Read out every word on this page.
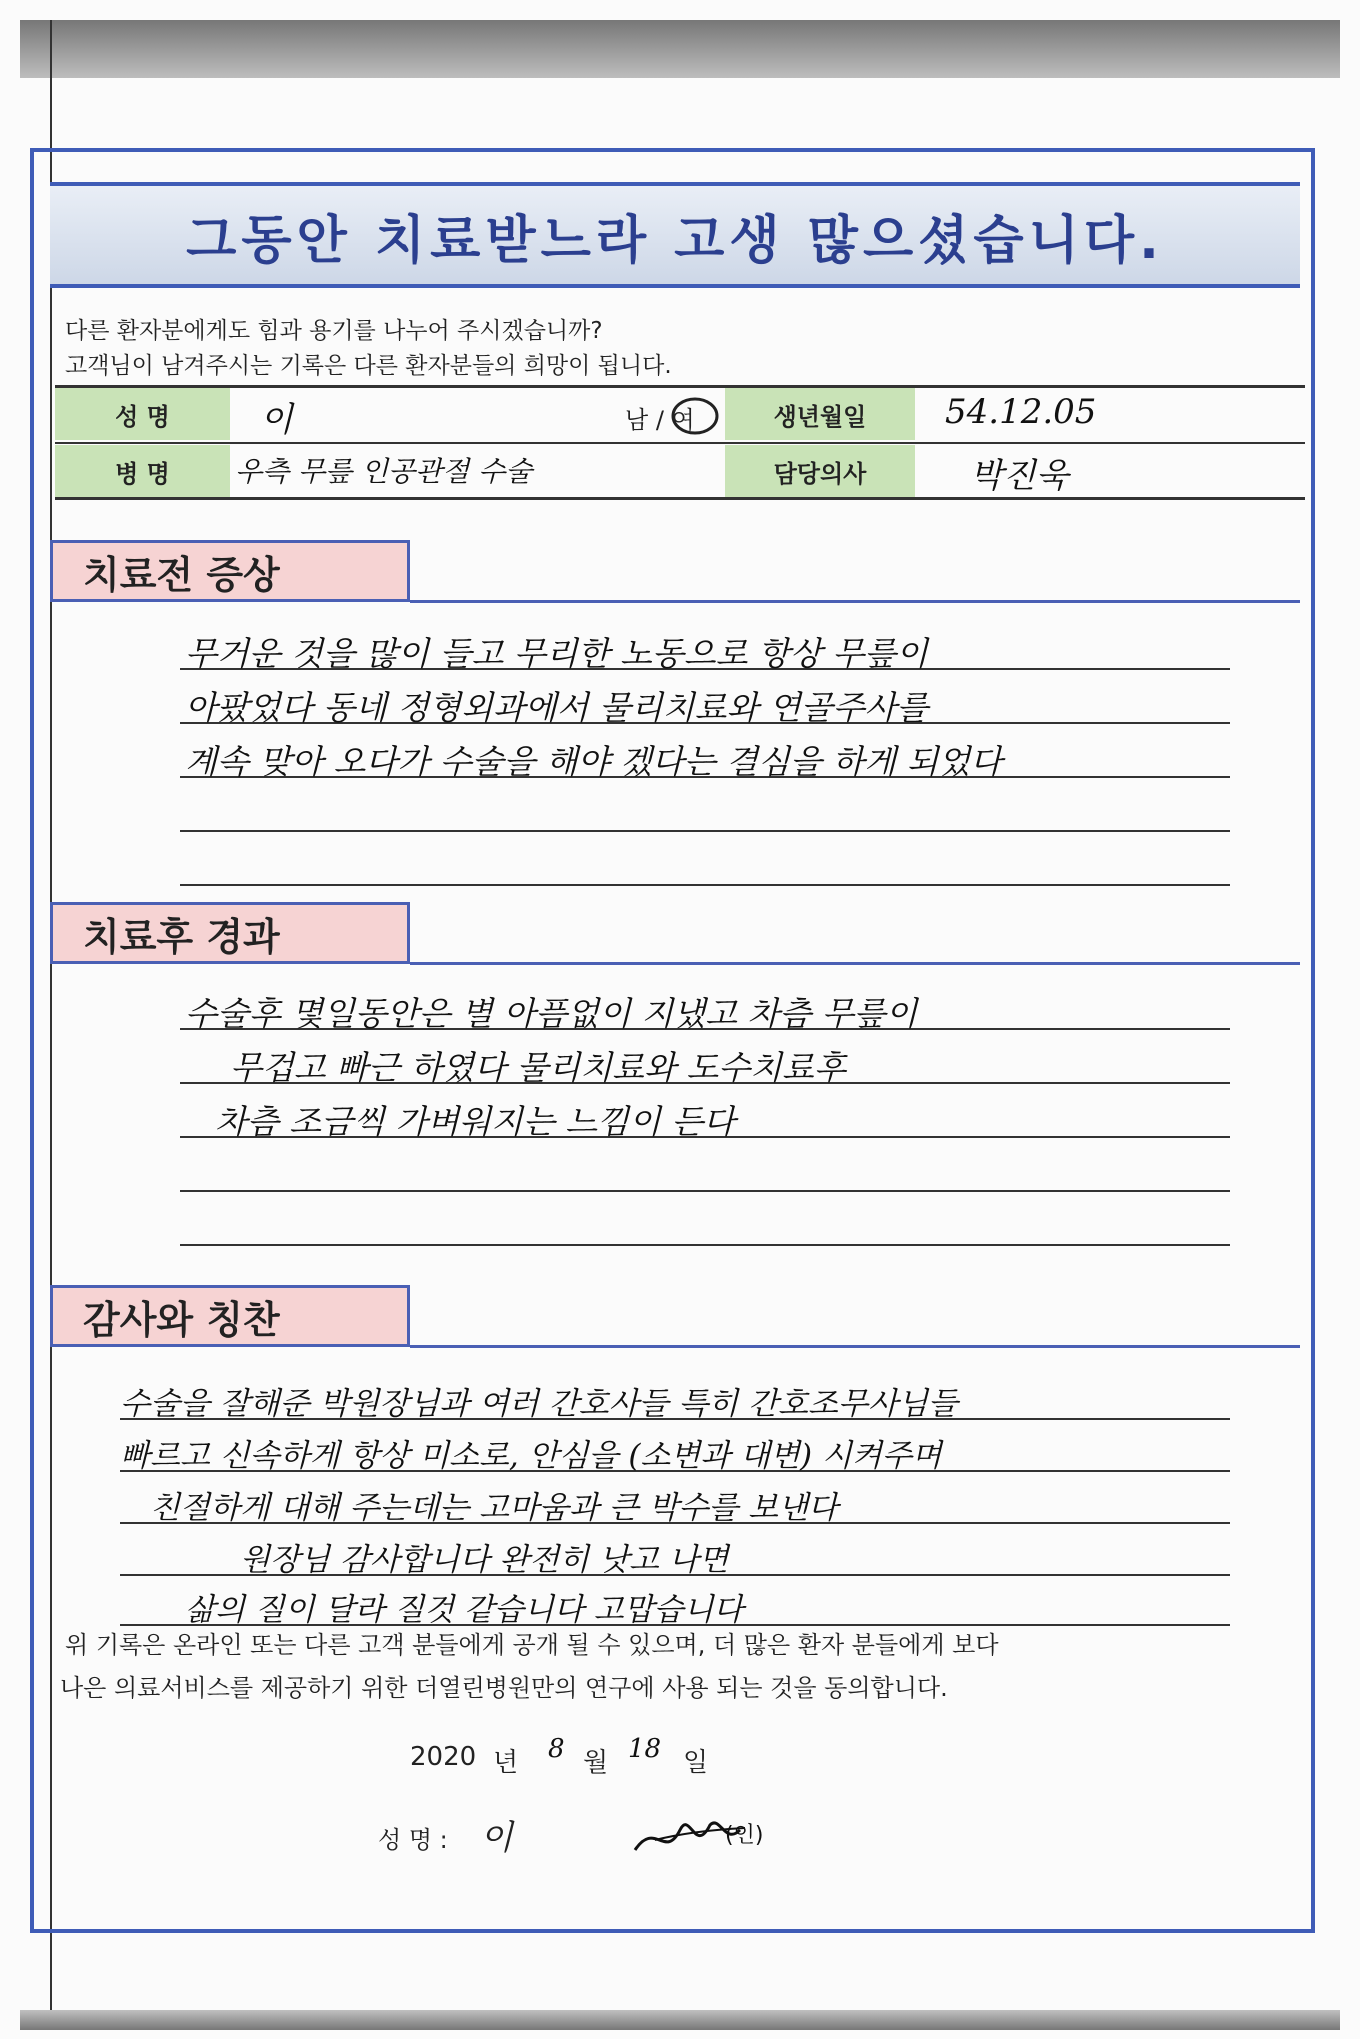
그동안 치료받느라 고생 많으셨습니다.
다른 환자분에게도 힘과 용기를 나누어 주시겠습니까?
고객님이 남겨주시는 기록은 다른 환자분들의 희망이 됩니다.
성 명	이	남 / 여	생년월일	54.12.05
병 명	우측 무릎 인공관절 수술	담당의사	박진욱
치료전 증상
무거운 것을 많이 들고 무리한 노동으로 항상 무릎이
아팠었다 동네 정형외과에서 물리치료와 연골주사를
계속 맞아 오다가 수술을 해야 겠다는 결심을 하게 되었다
치료후 경과
수술후 몇일동안은 별 아픔없이 지냈고 차츰 무릎이
무겁고 빠근 하였다 물리치료와 도수치료후
차츰 조금씩 가벼워지는 느낌이 든다
감사와 칭찬
수술을 잘해준 박원장님과 여러 간호사들 특히 간호조무사님들
빠르고 신속하게 항상 미소로, 안심을 (소변과 대변) 시켜주며
친절하게 대해 주는데는 고마움과 큰 박수를 보낸다
원장님 감사합니다 완전히 낫고 나면
삶의 질이 달라 질것 같습니다 고맙습니다
위 기록은 온라인 또는 다른 고객 분들에게 공개 될 수 있으며, 더 많은 환자 분들에게 보다
나은 의료서비스를 제공하기 위한 더열린병원만의 연구에 사용 되는 것을 동의합니다.
2020 년 8 월 18 일
성 명 : 이	(인)
